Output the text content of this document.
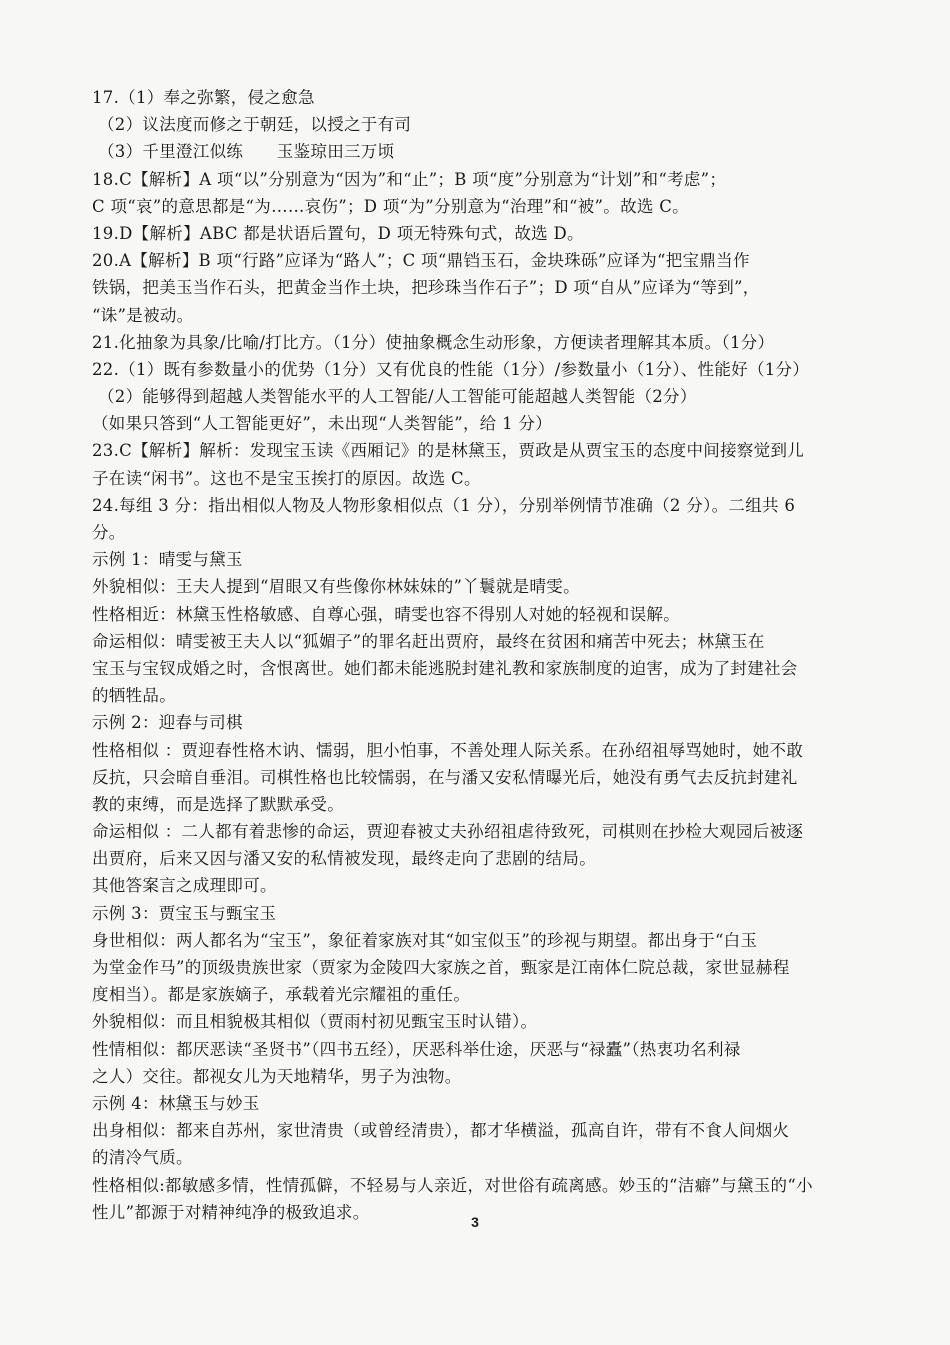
17.（1）奉之弥繁，侵之愈急
（2）议法度而修之于朝廷，以授之于有司
（3）千里澄江似练　　玉鉴琼田三万顷
18.C【解析】A 项“以”分别意为“因为”和“止”；B 项“度”分别意为“计划”和“考虑”；
C 项“哀”的意思都是“为……哀伤”；D 项“为”分别意为“治理”和“被”。故选 C。
19.D【解析】ABC 都是状语后置句，D 项无特殊句式，故选 D。
20.A【解析】B 项“行路”应译为“路人”；C 项“鼎铛玉石，金块珠砾”应译为“把宝鼎当作
铁锅，把美玉当作石头，把黄金当作土块，把珍珠当作石子”；D 项“自从”应译为“等到”，
“诛”是被动。
21.化抽象为具象/比喻/打比方。（1分）使抽象概念生动形象，方便读者理解其本质。（1分）
22.（1）既有参数量小的优势（1分）又有优良的性能（1分）/参数量小（1分）、性能好（1分）
（2）能够得到超越人类智能水平的人工智能/人工智能可能超越人类智能（2分）
（如果只答到“人工智能更好”，未出现“人类智能”，给 1 分）
23.C【解析】解析：发现宝玉读《西厢记》的是林黛玉，贾政是从贾宝玉的态度中间接察觉到儿
子在读“闲书”。这也不是宝玉挨打的原因。故选 C。
24.每组 3 分：指出相似人物及人物形象相似点（1 分），分别举例情节准确（2 分）。二组共 6
分。
示例 1：晴雯与黛玉
外貌相似：王夫人提到“眉眼又有些像你林妹妹的”丫鬟就是晴雯。
性格相近：林黛玉性格敏感、自尊心强，晴雯也容不得别人对她的轻视和误解。
命运相似：晴雯被王夫人以“狐媚子”的罪名赶出贾府，最终在贫困和痛苦中死去；林黛玉在
宝玉与宝钗成婚之时，含恨离世。她们都未能逃脱封建礼教和家族制度的迫害，成为了封建社会
的牺牲品。
示例 2：迎春与司棋
性格相似 ：贾迎春性格木讷、懦弱，胆小怕事，不善处理人际关系。在孙绍祖辱骂她时，她不敢
反抗，只会暗自垂泪。司棋性格也比较懦弱，在与潘又安私情曝光后，她没有勇气去反抗封建礼
教的束缚，而是选择了默默承受。
命运相似 ：二人都有着悲惨的命运，贾迎春被丈夫孙绍祖虐待致死，司棋则在抄检大观园后被逐
出贾府，后来又因与潘又安的私情被发现，最终走向了悲剧的结局。
其他答案言之成理即可。
示例 3：贾宝玉与甄宝玉
身世相似：两人都名为“宝玉”，象征着家族对其“如宝似玉”的珍视与期望。都出身于“白玉
为堂金作马”的顶级贵族世家（贾家为金陵四大家族之首，甄家是江南体仁院总裁，家世显赫程
度相当）。都是家族嫡子，承载着光宗耀祖的重任。
外貌相似：而且相貌极其相似（贾雨村初见甄宝玉时认错）。
性情相似：都厌恶读“圣贤书”（四书五经），厌恶科举仕途，厌恶与“禄蠹”（热衷功名利禄
之人）交往。都视女儿为天地精华，男子为浊物。
示例 4：林黛玉与妙玉
出身相似：都来自苏州，家世清贵（或曾经清贵），都才华横溢，孤高自许，带有不食人间烟火
的清冷气质。
性格相似:都敏感多情，性情孤僻，不轻易与人亲近，对世俗有疏离感。妙玉的“洁癖”与黛玉的“小
性儿”都源于对精神纯净的极致追求。
3
